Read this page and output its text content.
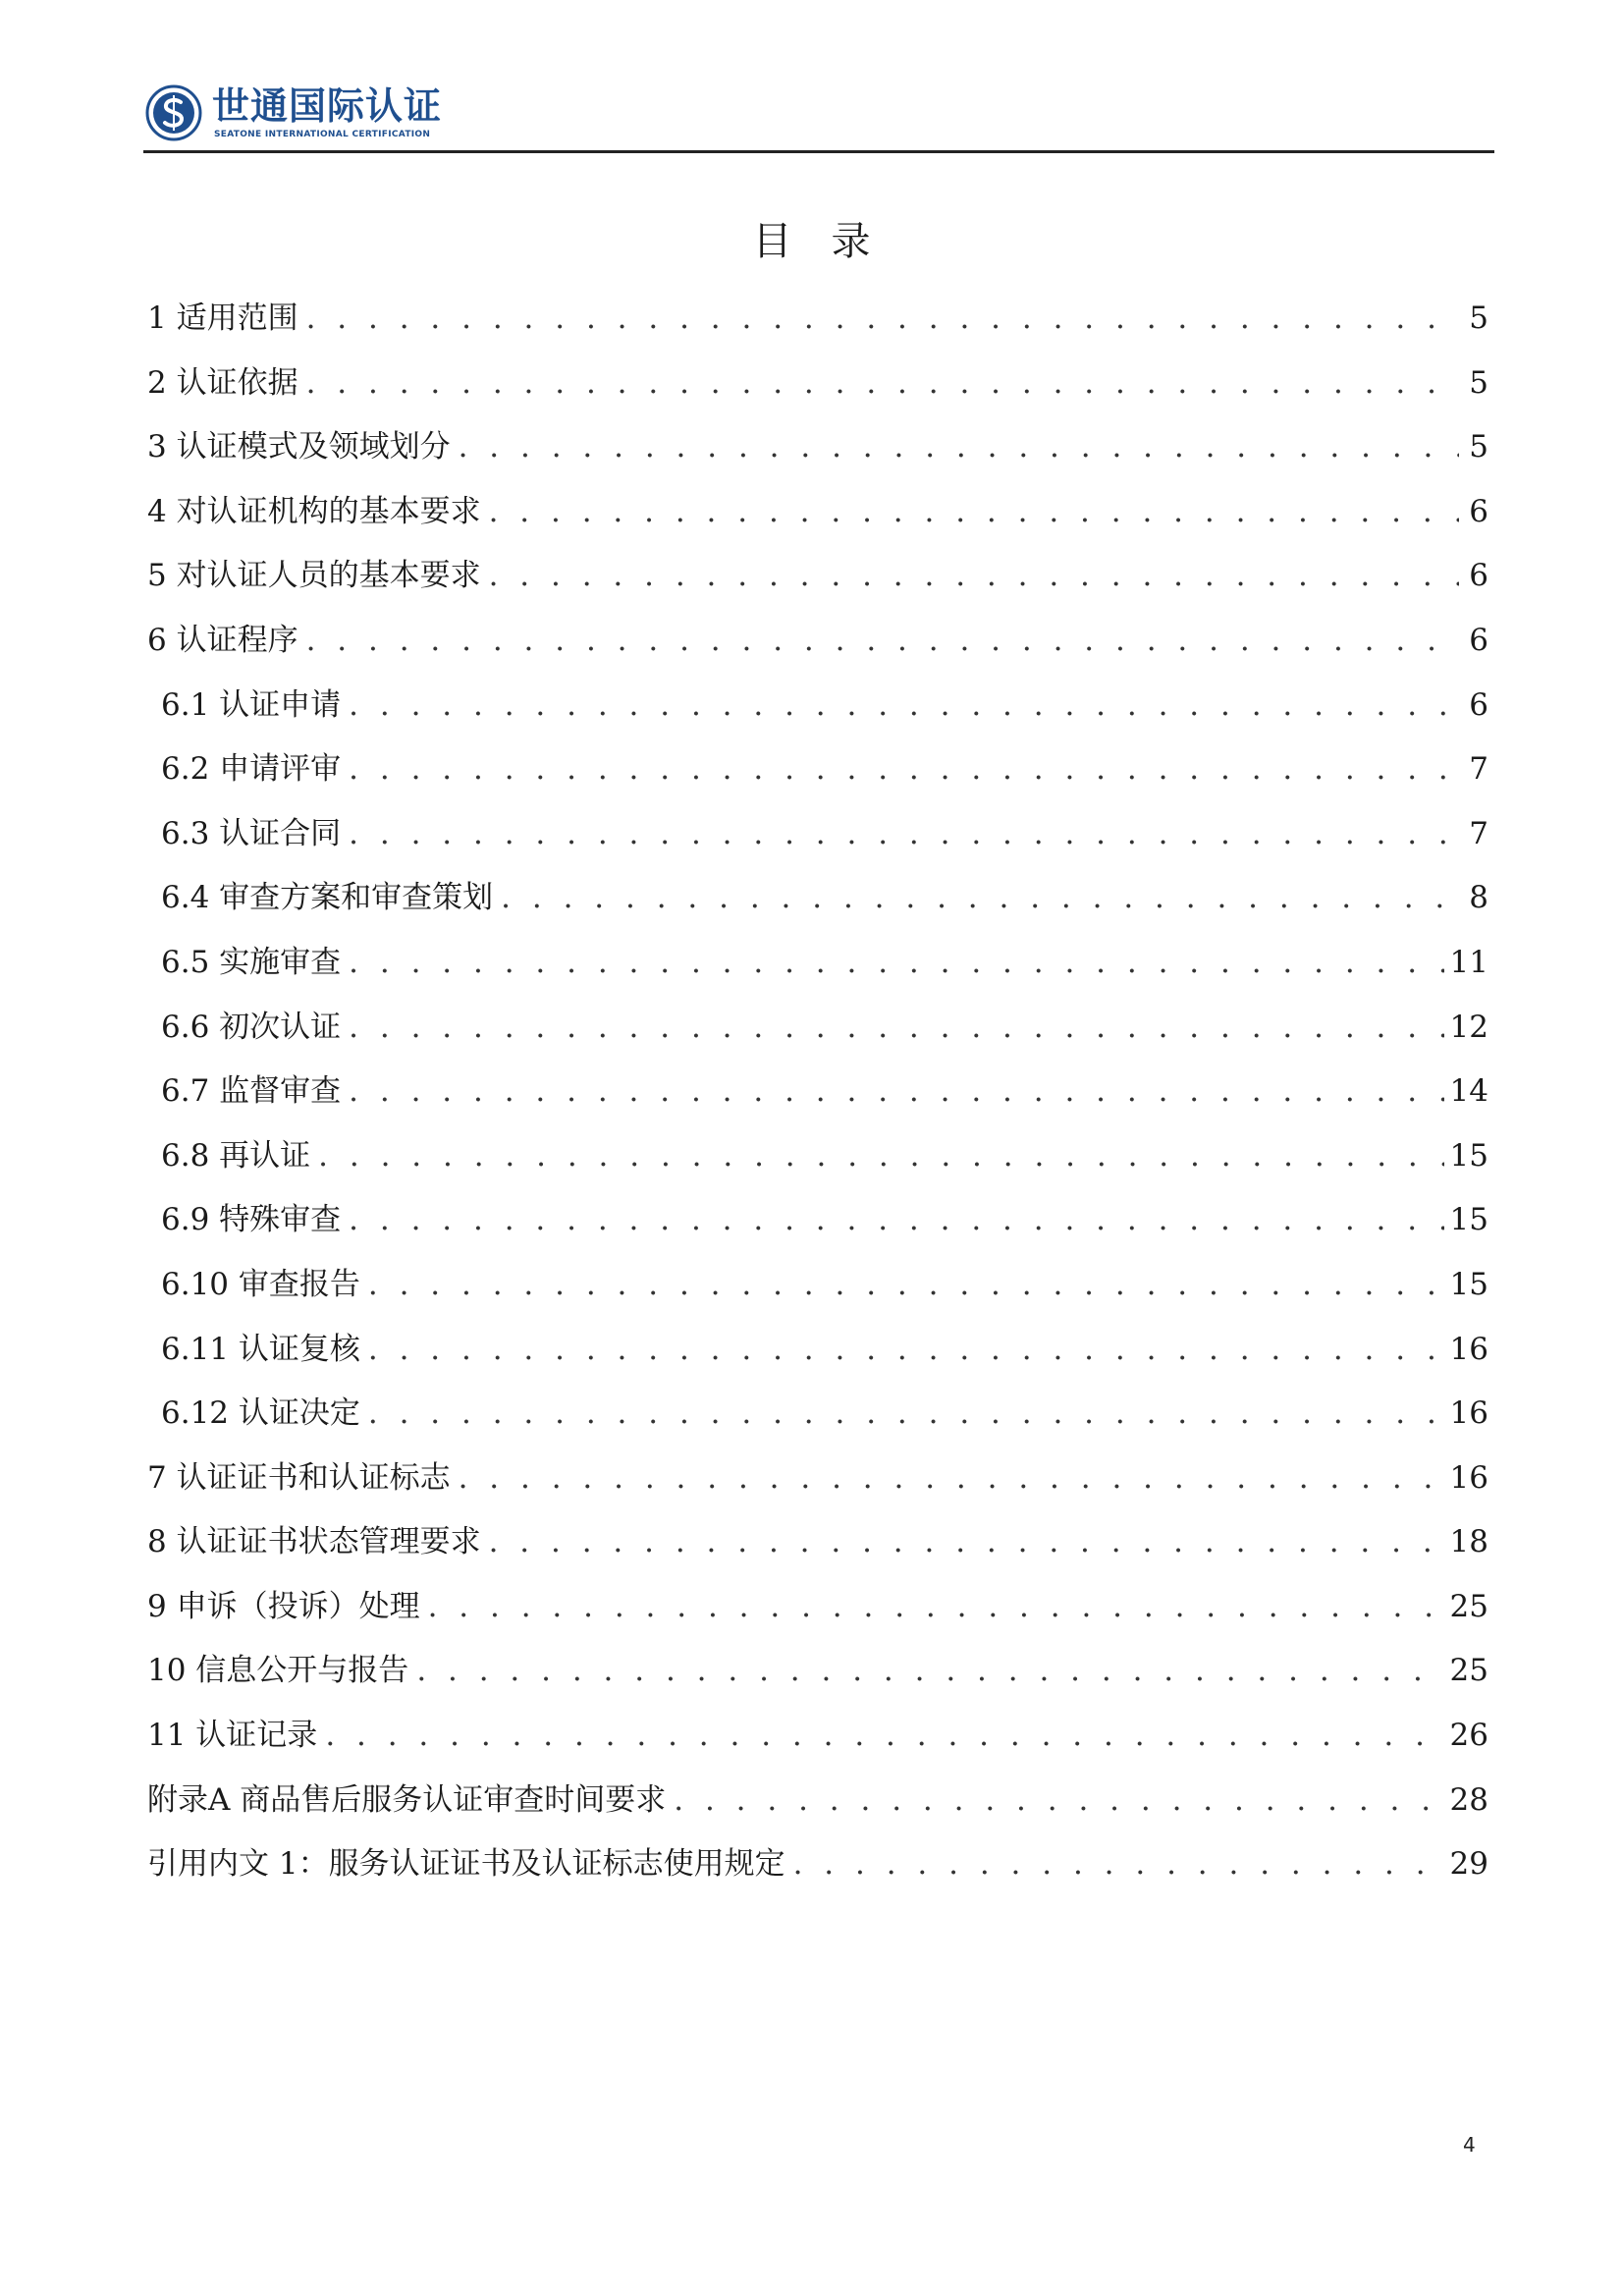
世通国际认证
SEATONE INTERNATIONAL CERTIFICATION
目录
1 适用范围 . . .	5
2 认证依据 . . .	5
3 认证模式及领域划分 . . .	5
4 对认证机构的基本要求 . . .	6
5 对认证人员的基本要求 . . .	6
6 认证程序 . . .	6
6.1 认证申请 . . .	6
6.2 申请评审 . . .	7
6.3 认证合同 . . .	7
6.4 审查方案和审查策划 . . .	8
6.5 实施审查 . . .	11
6.6 初次认证 . . .	12
6.7 监督审查 . . .	14
6.8 再认证 . . .	15
6.9 特殊审查 . . .	15
6.10 审查报告 . . .	15
6.11 认证复核 . . .	16
6.12 认证决定 . . .	16
7 认证证书和认证标志 . . .	16
8 认证证书状态管理要求 . . .	18
9 申诉（投诉）处理 . . .	25
10 信息公开与报告 . . .	25
11 认证记录 . . .	26
附录A 商品售后服务认证审查时间要求 . . .	28
引用内文 1：服务认证证书及认证标志使用规定 . . .	29
4
